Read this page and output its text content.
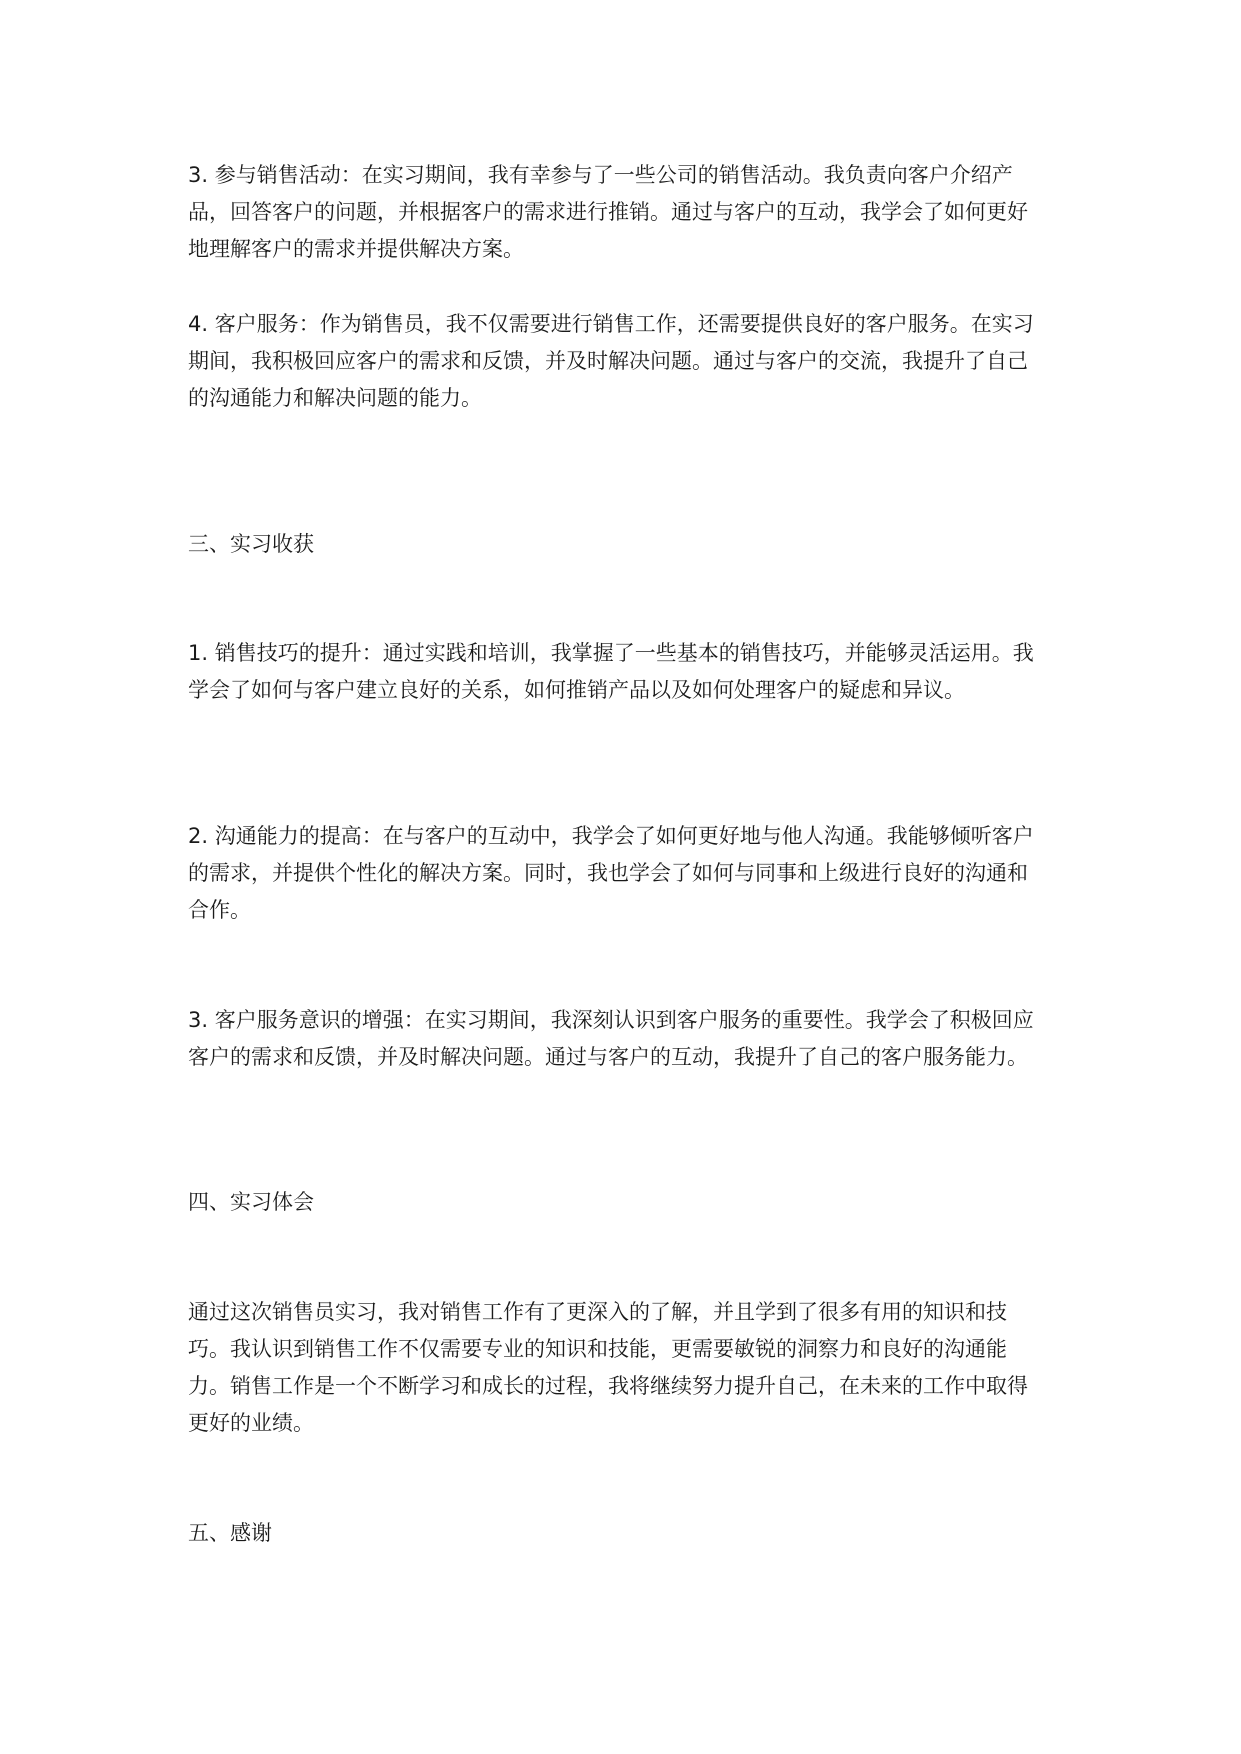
3. 参与销售活动：在实习期间，我有幸参与了一些公司的销售活动。我负责向客户介绍产品，回答客户的问题，并根据客户的需求进行推销。通过与客户的互动，我学会了如何更好地理解客户的需求并提供解决方案。

4. 客户服务：作为销售员，我不仅需要进行销售工作，还需要提供良好的客户服务。在实习期间，我积极回应客户的需求和反馈，并及时解决问题。通过与客户的交流，我提升了自己的沟通能力和解决问题的能力。

三、实习收获

1. 销售技巧的提升：通过实践和培训，我掌握了一些基本的销售技巧，并能够灵活运用。我学会了如何与客户建立良好的关系，如何推销产品以及如何处理客户的疑虑和异议。

2. 沟通能力的提高：在与客户的互动中，我学会了如何更好地与他人沟通。我能够倾听客户的需求，并提供个性化的解决方案。同时，我也学会了如何与同事和上级进行良好的沟通和合作。

3. 客户服务意识的增强：在实习期间，我深刻认识到客户服务的重要性。我学会了积极回应客户的需求和反馈，并及时解决问题。通过与客户的互动，我提升了自己的客户服务能力。

四、实习体会

通过这次销售员实习，我对销售工作有了更深入的了解，并且学到了很多有用的知识和技巧。我认识到销售工作不仅需要专业的知识和技能，更需要敏锐的洞察力和良好的沟通能力。销售工作是一个不断学习和成长的过程，我将继续努力提升自己，在未来的工作中取得更好的业绩。

五、感谢
